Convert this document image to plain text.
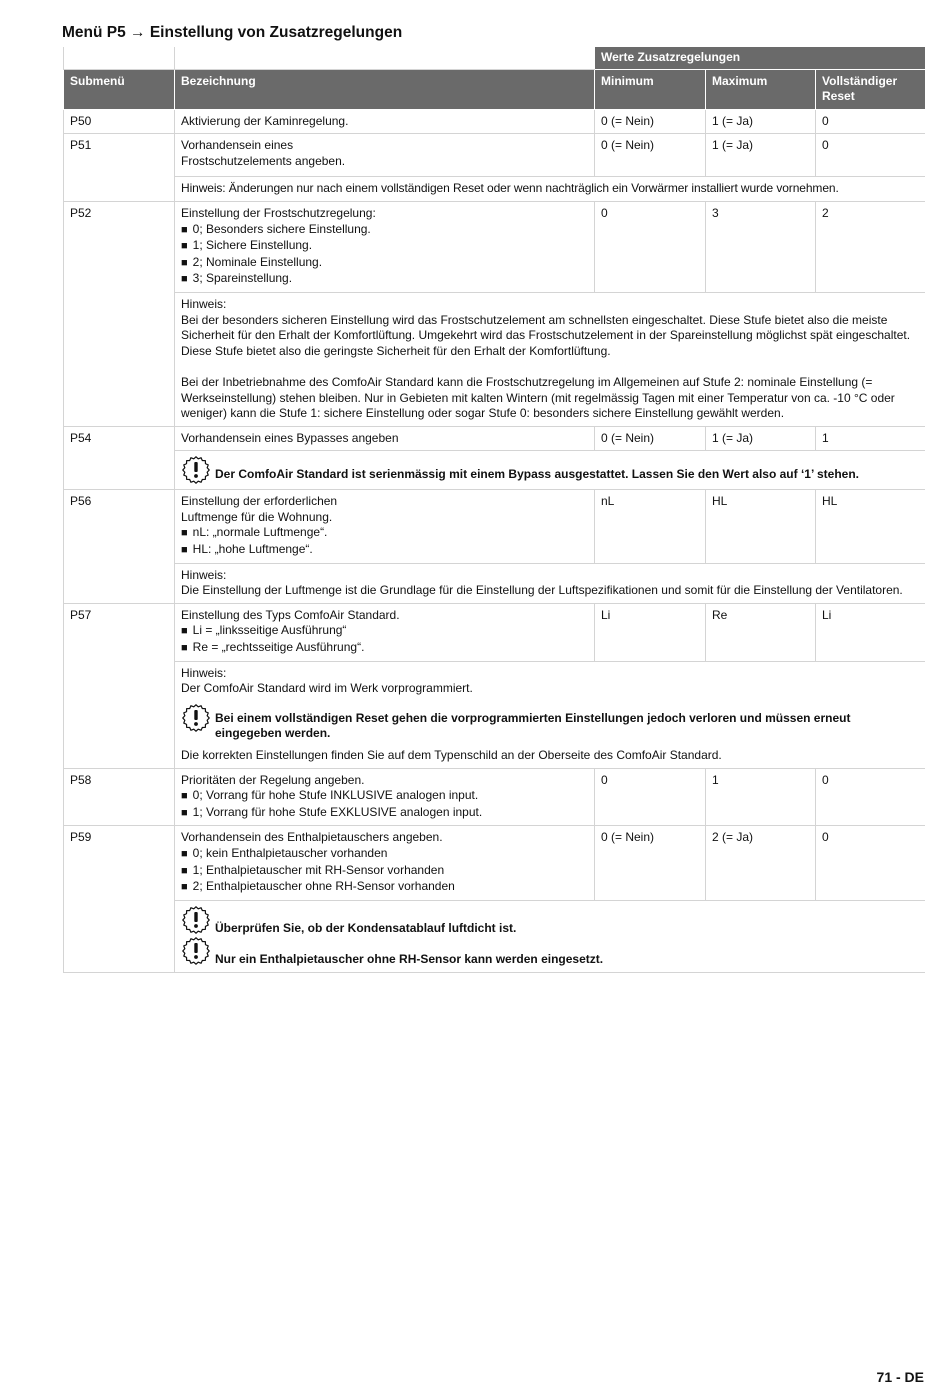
Menü P5 → Einstellung von Zusatzregelungen
		Werte Zusatzregelungen		
Submenü	Bezeichnung	Minimum	Maximum	Vollständiger Reset
P50	Aktivierung der Kaminregelung.	0 (= Nein)	1 (= Ja)	0
P51	Vorhandensein eines Frostschutzelements angeben.	0 (= Nein)	1 (= Ja)	0
	Hinweis: Änderungen nur nach einem vollständigen Reset oder wenn nachträglich ein Vorwärmer installiert wurde vornehmen.			
P52	Einstellung der Frostschutzregelung:
■ 0; Besonders sichere Einstellung.
■ 1; Sichere Einstellung.
■ 2; Nominale Einstellung.
■ 3; Spareinstellung.	0	3	2

	Hinweis:
Bei der besonders sicheren Einstellung wird das Frostschutzelement am schnellsten eingeschaltet. Diese Stufe bietet also die meiste Sicherheit für den Erhalt der Komfortlüftung. Umgekehrt wird das Frostschutzelement in der Spareinstellung möglichst spät eingeschaltet. Diese Stufe bietet also die geringste Sicherheit für den Erhalt der Komfortlüftung.
Bei der Inbetriebnahme des ComfoAir Standard kann die Frostschutzregelung im Allgemeinen auf Stufe 2: nominale Einstellung (= Werkseinstellung) stehen bleiben. Nur in Gebieten mit kalten Wintern (mit regelmässig Tagen mit einer Temperatur von ca. -10 °C oder weniger) kann die Stufe 1: sichere Einstellung oder sogar Stufe 0: besonders sichere Einstellung gewählt werden.			

P54	Vorhandensein eines Bypasses angeben	0 (= Nein)	1 (= Ja)	1

	Der ComfoAir Standard ist serienmässig mit einem Bypass ausgestattet. Lassen Sie den Wert also auf ‘1’ stehen.			

P56	Einstellung der erforderlichen Luftmenge für die Wohnung.
■ nL: „normale Luftmenge“.
■ HL: „hohe Luftmenge“.	nL	HL	HL

	Hinweis:
Die Einstellung der Luftmenge ist die Grundlage für die Einstellung der Luftspezifikationen und somit für die Einstellung der Ventilatoren.			

P57	Einstellung des Typs ComfoAir Standard.
■ Li = „linksseitige Ausführung“
■ Re = „rechtsseitige Ausführung“.	Li	Re	Li

	Hinweis:
Der ComfoAir Standard wird im Werk vorprogrammiert.
Bei einem vollständigen Reset gehen die vorprogrammierten Einstellungen jedoch verloren und müssen erneut eingegeben werden.
Die korrekten Einstellungen finden Sie auf dem Typenschild an der Oberseite des ComfoAir Standard.			

P58	Prioritäten der Regelung angeben.
■ 0; Vorrang für hohe Stufe INKLUSIVE analogen input.
■ 1; Vorrang für hohe Stufe EXKLUSIVE analogen input.	0	1	0
P59	Vorhandensein des Enthalpietauschers angeben.
■ 0; kein Enthalpietauscher vorhanden
■ 1; Enthalpietauscher mit RH-Sensor vorhanden
■ 2; Enthalpietauscher ohne RH-Sensor vorhanden	0 (= Nein)	2 (= Ja)	0

	Überprüfen Sie, ob der Kondensatablauf luftdicht ist.
Nur ein Enthalpietauscher ohne RH-Sensor kann werden eingesetzt.			
71 - DE
